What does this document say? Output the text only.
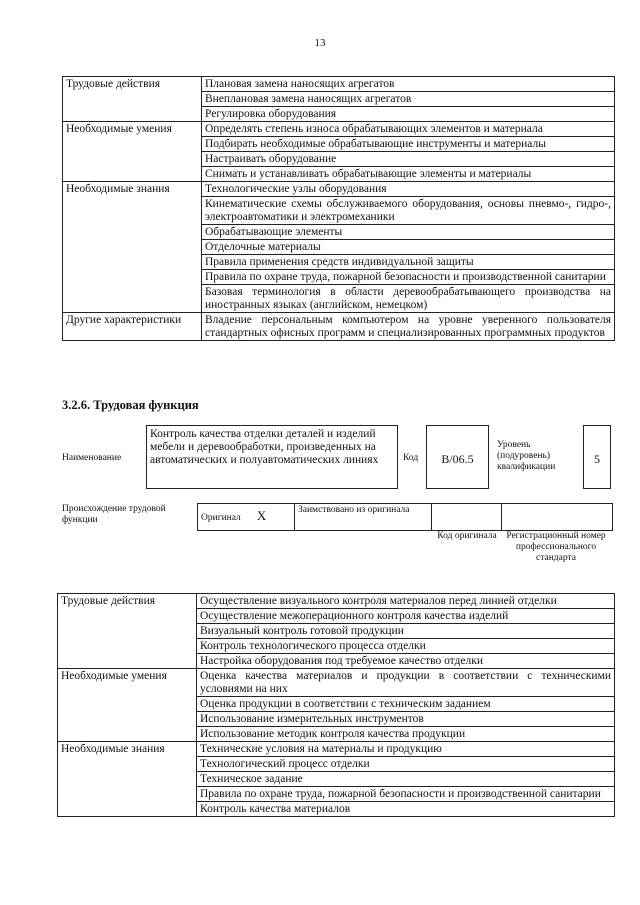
13
Трудовые действия	Плановая замена наносящих агрегатов
	Внеплановая замена наносящих агрегатов
	Регулировка оборудования
Необходимые умения	Определять степень износа обрабатывающих элементов и материала
	Подбирать необходимые обрабатывающие инструменты и материалы
	Настраивать оборудование
	Снимать и устанавливать обрабатывающие элементы и материалы
Необходимые знания	Технологические узлы оборудования
	Кинематические схемы обслуживаемого оборудования, основы пневмо-, гидро-, электроавтоматики и электромеханики
	Обрабатывающие элементы
	Отделочные материалы
	Правила применения средств индивидуальной защиты
	Правила по охране труда, пожарной безопасности и производственной санитарии
	Базовая терминология в области деревообрабатывающего производства на иностранных языках (английском, немецком)
Другие характеристики	Владение персональным компьютером на уровне уверенного пользователя стандартных офисных программ и специализированных программных продуктов
3.2.6. Трудовая функция
Наименование
Контроль качества отделки деталей и изделий мебели и деревообработки, произведенных на автоматических и полуавтоматических линиях	Код	B/06.5
Уровень (подуровень) квалификации
5
Происхождение трудовой функции	Оригинал X	Заимствовано из оригинала		
Код оригинала	Регистрационный номер профессионального стандарта
Трудовые действия	Осуществление визуального контроля материалов перед линией отделки
	Осуществление межоперационного контроля качества изделий
	Визуальный контроль готовой продукции
	Контроль технологического процесса отделки
	Настройка оборудования под требуемое качество отделки
Необходимые умения	Оценка качества материалов и продукции в соответствии с техническими условиями на них
	Оценка продукции в соответствии с техническим заданием
	Использование измерительных инструментов
	Использование методик контроля качества продукции
Необходимые знания	Технические условия на материалы и продукцию
	Технологический процесс отделки
	Техническое задание
	Правила по охране труда, пожарной безопасности и производственной санитарии
	Контроль качества материалов
